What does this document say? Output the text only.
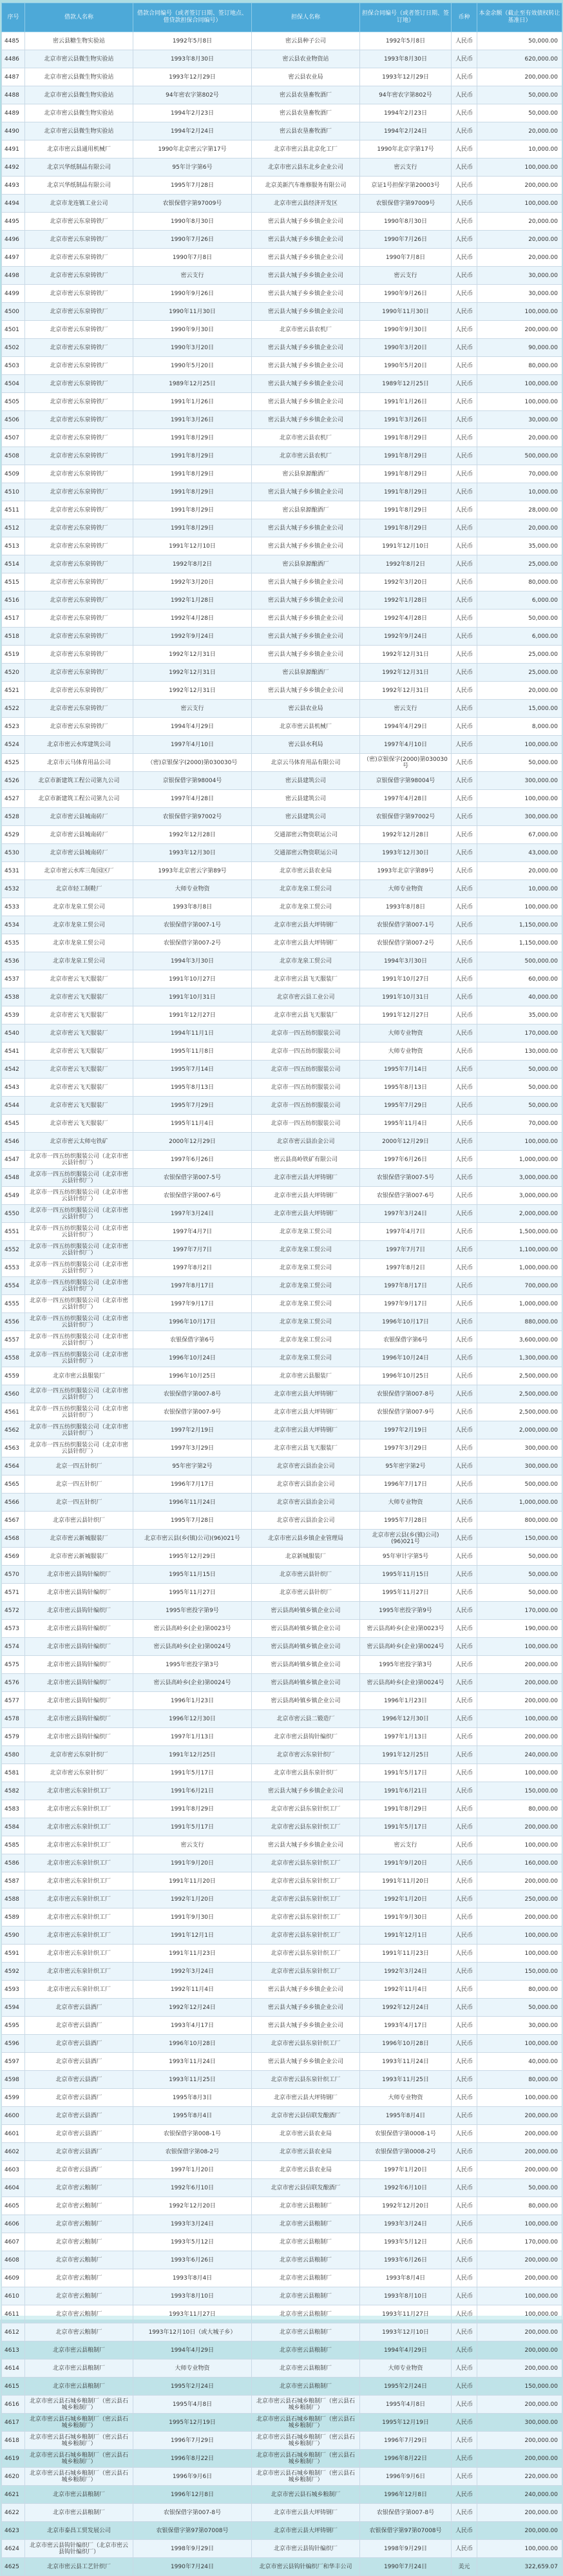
序号	借款人名称	借款合同编号（或者签订日期、签订地点、借贷款担保合同编号）	担保人名称	担保合同编号（或者签订日期、签订地）	币种	本金余额（截止至有效债权转让基准日）
4485	密云县糖生物实验站	1992年5月8日	密云县种子公司	1992年5月8日	人民币	50,000.00
4486	北京市密云县微生物实验站	1993年8月30日	密云县农业物资站	1993年8月30日	人民币	620,000.00
4487	北京市密云县微生物实验站	1993年12月29日	密云县农业局	1993年12月29日	人民币	200,000.00
4488	北京市密云县微生物实验站	94年密农字第802号	密云县农垦畜牧酒厂	94年密农字第802号	人民币	50,000.00
4489	北京市密云县微生物实验站	1994年2月23日	密云县农垦畜牧酒厂	1994年2月23日	人民币	50,000.00
4490	北京市密云县微生物实验站	1994年2月24日	密云县农垦畜牧酒厂	1994年2月24日	人民币	20,000.00
4491	北京市密云县通用机械厂	1990年北京密云字第17号	北京市密云县北京化工厂	1990年北京字第17号	人民币	10,000.00
4492	北京兴华纸制品有限公司	95年计字第6号	北京市密云县东北乡企业公司	密云支行	人民币	100,000.00
4493	北京兴华纸制品有限公司	1995年7月28日	北京美新汽车维修服务有限公司	京证1号担保字第20003号	人民币	200,000.00
4494	北京市龙连镇工业公司	农银保借字第97009号	北京市密云县经济开发区	农银保借字第97009号	人民币	100,000.00
4495	北京市密云东泉铸铁厂	1990年8月30日	密云县大城子乡乡镇企业公司	1990年8月30日	人民币	20,000.00
4496	北京市密云东泉铸铁厂	1990年7月26日	密云县大城子乡乡镇企业公司	1990年7月26日	人民币	20,000.00
4497	北京市密云东泉铸铁厂	1990年7月8日	密云县大城子乡乡镇企业公司	1990年7月8日	人民币	20,000.00
4498	北京市密云东泉铸铁厂	密云支行	密云县大城子乡乡镇企业公司	密云支行	人民币	30,000.00
4499	北京市密云东泉铸铁厂	1990年9月26日	密云县大城子乡乡镇企业公司	1990年9月26日	人民币	30,000.00
4500	北京市密云东泉铸铁厂	1990年11月30日	密云县大城子乡乡镇企业公司	1990年11月30日	人民币	100,000.00
4501	北京市密云东泉铸铁厂	1990年9月30日	北京市密云县农机厂	1990年9月30日	人民币	200,000.00
4502	北京市密云东泉铸铁厂	1990年3月20日	密云县大城子乡乡镇企业公司	1990年3月20日	人民币	90,000.00
4503	北京市密云东泉铸铁厂	1990年5月20日	密云县大城子乡乡镇企业公司	1990年5月20日	人民币	80,000.00
4504	北京市密云东泉铸铁厂	1989年12月25日	密云县大城子乡乡镇企业公司	1989年12月25日	人民币	100,000.00
4505	北京市密云东泉铸铁厂	1991年1月26日	密云县大城子乡乡镇企业公司	1991年1月26日	人民币	100,000.00
4506	北京市密云东泉铸铁厂	1991年3月26日	密云县大城子乡乡镇企业公司	1991年3月26日	人民币	30,000.00
4507	北京市密云东泉铸铁厂	1991年8月29日	北京市密云县农机厂	1991年8月29日	人民币	20,000.00
4508	北京市密云东泉铸铁厂	1991年8月29日	北京市密云县农机厂	1991年8月29日	人民币	500,000.00
4509	北京市密云东泉铸铁厂	1991年8月29日	密云县泉源酿酒厂	1991年8月29日	人民币	70,000.00
4510	北京市密云东泉铸铁厂	1991年8月29日	密云县大城子乡乡镇企业公司	1991年8月29日	人民币	10,000.00
4511	北京市密云东泉铸铁厂	1991年8月29日	密云县泉源酿酒厂	1991年8月29日	人民币	28,000.00
4512	北京市密云东泉铸铁厂	1991年8月29日	密云县大城子乡乡镇企业公司	1991年8月29日	人民币	20,000.00
4513	北京市密云东泉铸铁厂	1991年12月10日	密云县大城子乡乡镇企业公司	1991年12月10日	人民币	35,000.00
4514	北京市密云东泉铸铁厂	1992年8月2日	密云县泉源酿酒厂	1992年8月2日	人民币	25,000.00
4515	北京市密云东泉铸铁厂	1992年3月20日	密云县大城子乡乡镇企业公司	1992年3月20日	人民币	80,000.00
4516	北京市密云东泉铸铁厂	1992年1月28日	密云县大城子乡乡镇企业公司	1992年1月28日	人民币	6,000.00
4517	北京市密云东泉铸铁厂	1992年4月28日	密云县大城子乡乡镇企业公司	1992年4月28日	人民币	50,000.00
4518	北京市密云东泉铸铁厂	1992年9月24日	密云县大城子乡乡镇企业公司	1992年9月24日	人民币	6,000.00
4519	北京市密云东泉铸铁厂	1992年12月31日	密云县大城子乡乡镇企业公司	1992年12月31日	人民币	25,000.00
4520	北京市密云东泉铸铁厂	1992年12月31日	密云县泉源酿酒厂	1992年12月31日	人民币	25,000.00
4521	北京市密云东泉铸铁厂	1992年12月31日	密云县大城子乡乡镇企业公司	1992年12月31日	人民币	20,000.00
4522	北京市密云东泉铸铁厂	密云支行	密云县农业局	密云支行	人民币	15,000.00
4523	北京市密云东泉铸铁厂	1994年4月29日	北京市密云县机械厂	1994年4月29日	人民币	8,000.00
4524	北京市密云水库建筑公司	1997年4月10日	密云县水利局	1997年4月10日	人民币	100,000.00
4525	北京市云马体育用品公司	（密)京银保字(2000)第030030号	北京云马体育用品有限公司	（密)京银保字(2000)第030030号	人民币	50,000.00
4526	北京市新建筑工程公司第九公司	京银保借字第98004号	密云县建筑公司	京银保借字第98004号	人民币	300,000.00
4527	北京市新建筑工程公司第九公司	1997年4月28日	密云县建筑公司	1997年4月28日	人民币	100,000.00
4528	北京市密云县城南砖厂	农银保借字第97002号	密云县建筑公司	农银保借字第97002号	人民币	300,000.00
4529	北京市密云县城南砖厂	1992年12月28日	交通部密云物资联运公司	1992年12月28日	人民币	67,000.00
4530	北京市密云县城南砖厂	1993年12月30日	交通部密云物资联运公司	1993年12月30日	人民币	43,000.00
4531	北京市密云水库三角园区厂	1993年北京密云字第89号	北京市密云县农业局	1993年北京字第89号	人民币	20,000.00
4532	北京市轻工制鞋厂	大师专业物资	北京市龙泉工贸公司	大师专业物资	人民币	10,000.00
4533	北京市龙泉工贸公司	1993年8月8日	北京市龙泉工贸公司	1993年8月8日	人民币	100,000.00
4534	北京市龙泉工贸公司	农银保借字第007-1号	北京市密云县大坪铸钢厂	农银保借字第007-1号	人民币	1,150,000.00
4535	北京市龙泉工贸公司	农银保借字第007-2号	北京市密云县大坪铸钢厂	农银保借字第007-2号	人民币	1,150,000.00
4536	北京市龙泉工贸公司	1994年3月30日	北京市龙泉工贸公司	1994年3月30日	人民币	500,000.00
4537	北京市密云飞天服装厂	1991年10月27日	北京市密云县飞天服装厂	1991年10月27日	人民币	60,000.00
4538	北京市密云飞天服装厂	1991年10月31日	北京市密云县工业公司	1991年10月31日	人民币	40,000.00
4539	北京市密云飞天服装厂	1991年12月27日	北京市密云县飞天服装厂	1991年12月27日	人民币	35,000.00
4540	北京市密云飞天服装厂	1994年11月1日	北京市一四五纺织服装公司	大师专业物资	人民币	170,000.00
4541	北京市密云飞天服装厂	1995年11月8日	北京市一四五纺织服装公司	大师专业物资	人民币	130,000.00
4542	北京市密云飞天服装厂	1995年7月14日	北京市一四五纺织服装公司	1995年7月14日	人民币	50,000.00
4543	北京市密云飞天服装厂	1995年8月13日	北京市一四五纺织服装公司	1995年8月13日	人民币	50,000.00
4544	北京市密云飞天服装厂	1995年7月29日	北京市一四五纺织服装公司	1995年7月29日	人民币	50,000.00
4545	北京市密云飞天服装厂	1995年11月4日	北京市一四五纺织服装公司	1995年11月4日	人民币	70,000.00
4546	北京市密云太师屯铁矿	2000年12月29日	北京市密云县治金公司	2000年12月29日	人民币	100,000.00
4547	北京市一四五纺织服装公司（北京市密云县针织厂）	1997年6月26日	密云县高岭铁矿有限公司	1997年6月26日	人民币	1,000,000.00
4548	北京市一四五纺织服装公司（北京市密云县针织厂）	农银保借字第007-5号	北京市密云县大坪铸钢厂	农银保借字第007-5号	人民币	3,000,000.00
4549	北京市一四五纺织服装公司（北京市密云县针织厂）	农银保借字第007-6号	北京市密云县大坪铸钢厂	农银保借字第007-6号	人民币	3,000,000.00
4550	北京市一四五纺织服装公司（北京市密云县针织厂）	1997年3月24日	北京市密云县大坪铸钢厂	1997年3月24日	人民币	2,000,000.00
4551	北京市一四五纺织服装公司（北京市密云县针织厂）	1997年4月7日	北京市龙泉工贸公司	1997年4月7日	人民币	1,500,000.00
4552	北京市一四五纺织服装公司（北京市密云县针织厂）	1997年7月7日	北京市龙泉工贸公司	1997年7月7日	人民币	1,100,000.00
4553	北京市一四五纺织服装公司（北京市密云县针织厂）	1997年8月2日	北京市龙泉工贸公司	1997年8月2日	人民币	1,000,000.00
4554	北京市一四五纺织服装公司（北京市密云县针织厂）	1997年8月17日	北京市龙泉工贸公司	1997年8月17日	人民币	700,000.00
4555	北京市一四五纺织服装公司（北京市密云县针织厂）	1997年9月17日	北京市龙泉工贸公司	1997年9月17日	人民币	1,000,000.00
4556	北京市一四五纺织服装公司（北京市密云县针织厂）	1996年10月17日	北京市龙泉工贸公司	1996年10月17日	人民币	880,000.00
4557	北京市一四五纺织服装公司（北京市密云县针织厂）	农银保借字第6号	北京市龙泉工贸公司	农银保借字第6号	人民币	3,600,000.00
4558	北京市一四五纺织服装公司（北京市密云县针织厂）	1996年10月24日	北京市龙泉工贸公司	1996年10月24日	人民币	1,300,000.00
4559	北京市密云县服装厂	1996年10月25日	北京市密云县服装厂	1996年10月25日	人民币	2,500,000.00
4560	北京市一四五纺织服装公司（北京市密云县针织厂）	农银保借字第007-8号	北京市密云县大坪铸钢厂	农银保借字第007-8号	人民币	2,500,000.00
4561	北京市一四五纺织服装公司（北京市密云县针织厂）	农银保借字第007-9号	北京市密云县大坪铸钢厂	农银保借字第007-9号	人民币	2,500,000.00
4562	北京市一四五纺织服装公司（北京市密云县针织厂）	1997年2月19日	北京市密云县大坪铸钢厂	1997年2月19日	人民币	2,000,000.00
4563	北京市一四五纺织服装公司（北京市密云县针织厂）	1997年3月29日	北京市密云县飞天服装厂	1997年3月29日	人民币	300,000.00
4564	北京一四五针织厂	95年密字第2号	北京市密云县治金公司	95年密字第2号	人民币	300,000.00
4565	北京一四五针织厂	1996年7月17日	北京市密云县治金公司	1996年7月17日	人民币	500,000.00
4566	北京一四五针织厂	1996年11月24日	北京市密云县治金公司	大师专业物资	人民币	1,000,000.00
4567	北京市密云县针织厂	1995年7月28日	北京市密云县治金公司	1995年7月28日	人民币	800,000.00
4568	北京市密云新城服装厂	北京市密云县(乡(镇)公司)(96)021号	北京市密云县乡镇企业管理局	北京市密云县(乡(镇)公司)(96)021号	人民币	150,000.00
4569	北京市密云新城服装厂	1995年12月29日	北京新城服装厂	95年审计字第5号	人民币	50,000.00
4570	北京市密云县钩针编织厂	1995年11月15日	北京市密云县针织厂	1995年11月15日	人民币	50,000.00
4571	北京市密云县钩针编织厂	1995年11月27日	北京市密云县针织厂	1995年11月27日	人民币	50,000.00
4572	北京市密云县钩针编织厂	1995年密投字第9号	密云县高岭镇乡镇企业公司	1995年密投字第9号	人民币	170,000.00
4573	北京市密云县钩针编织厂	密云县高岭乡(企业)第0023号	密云县高岭镇乡镇企业公司	密云县高岭乡(企业)第0023号	人民币	190,000.00
4574	北京市密云县钩针编织厂	密云县高岭乡(企业)第0024号	密云县高岭镇乡镇企业公司	密云县高岭乡(企业)第0024号	人民币	100,000.00
4575	北京市密云县钩针编织厂	1995年密投字第3号	密云县高岭镇乡镇企业公司	1995年密投字第3号	人民币	200,000.00
4576	北京市密云县钩针编织厂	密云县高岭乡(企业)第0024号	密云县高岭镇乡镇企业公司	密云县高岭乡(企业)第0024号	人民币	200,000.00
4577	北京市密云县钩针编织厂	1996年1月23日	密云县高岭镇乡镇企业公司	1996年1月23日	人民币	200,000.00
4578	北京市密云县钩针编织厂	1996年12月30日	北京市密云县二锻造厂	1996年12月30日	人民币	100,000.00
4579	北京市密云县钩针编织厂	1997年1月13日	北京市密云县钩针编织厂	1997年1月13日	人民币	200,000.00
4580	北京市密云东泉针织厂	1991年12月25日	北京市密云东泉针织厂	1991年12月25日	人民币	240,000.00
4581	北京市密云东泉针织厂	1991年5月17日	北京市密云县东泉针织厂	1991年5月17日	人民币	100,000.00
4582	北京市密云东泉针织工厂	1991年6月21日	密云县大城子乡乡镇企业公司	1991年6月21日	人民币	150,000.00
4583	北京市密云东泉针织工厂	1991年8月29日	北京市密云县东泉针织工厂	1991年8月29日	人民币	80,000.00
4584	北京市密云东泉针织工厂	1991年5月17日	北京市密云县东泉针织工厂	1991年5月17日	人民币	200,000.00
4585	北京市密云东泉针织工厂	密云支行	密云县大城子乡乡镇企业公司	密云支行	人民币	100,000.00
4586	北京市密云东泉针织工厂	1991年9月20日	北京市密云县东泉针织工厂	1991年9月20日	人民币	160,000.00
4587	北京市密云东泉针织工厂	1991年11月20日	北京市密云县东泉针织工厂	1991年11月20日	人民币	200,000.00
4588	北京市密云东泉针织工厂	1992年1月20日	北京市密云县东泉针织工厂	1992年1月20日	人民币	250,000.00
4589	北京市密云东泉针织工厂	1991年9月30日	北京市密云县东泉针织工厂	1991年9月30日	人民币	200,000.00
4590	北京市密云东泉针织工厂	1991年12月1日	北京市密云县东泉针织工厂	1991年12月1日	人民币	100,000.00
4591	北京市密云东泉针织工厂	1991年11月23日	北京市密云县东泉针织工厂	1991年11月23日	人民币	100,000.00
4592	北京市密云东泉针织工厂	1992年3月24日	北京市密云县东泉针织工厂	1992年3月24日	人民币	150,000.00
4593	北京市密云东泉针织工厂	1992年11月4日	密云县大城子乡乡镇企业公司	1992年11月4日	人民币	80,000.00
4594	北京市密云县酒厂	1992年12月24日	密云县大城子乡乡镇企业公司	1992年12月24日	人民币	50,000.00
4595	北京市密云县酒厂	1993年4月17日	密云县大城子乡乡镇企业公司	1993年4月17日	人民币	30,000.00
4596	北京市密云县酒厂	1996年10月28日	北京市密云县东泉针织工厂	1996年10月28日	人民币	100,000.00
4597	北京市密云县酒厂	1993年11月24日	密云县大城子乡乡镇企业公司	1993年11月24日	人民币	40,000.00
4598	北京市密云县酒厂	1993年11月25日	北京市密云县东泉针织工厂	1993年11月25日	人民币	80,000.00
4599	北京市密云县酒厂	1995年8月3日	北京市密云县大坪铸钢厂	大师专业物资	人民币	100,000.00
4600	北京市密云县酒厂	1995年8月4日	北京市密云县信联发酿酒厂	1995年8月4日	人民币	200,000.00
4601	北京市密云县酒厂	农银保借字第008-1号	北京市密云县农业局	农银保借字第0008-1号	人民币	200,000.00
4602	北京市密云县酒厂	农银保借字第08-2号	北京市密云县农业局	农银保借字第0008-2号	人民币	200,000.00
4603	北京市密云县酒厂	1997年1月20日	北京市密云县农业局	1997年1月20日	人民币	200,000.00
4604	北京市密云粮制厂	1992年6月10日	北京市密云县信联发酿酒厂	1992年6月10日	人民币	50,000.00
4605	北京市密云粮制厂	1992年12月20日	北京市密云县粮制厂	1992年12月20日	人民币	80,000.00
4606	北京市密云粮制厂	1993年3月24日	北京市密云县粮制厂	1993年3月24日	人民币	100,000.00
4607	北京市密云粮制厂	1993年5月12日	北京市密云县粮制厂	1993年5月12日	人民币	170,000.00
4608	北京市密云粮制厂	1993年6月26日	北京市密云县粮制厂	1993年6月26日	人民币	200,000.00
4609	北京市密云粮制厂	1993年8月4日	北京市密云县粮制厂	1993年8月4日	人民币	200,000.00
4610	北京市密云粮制厂	1993年8月10日	北京市密云县粮制厂	1993年8月10日	人民币	100,000.00
4611	北京市密云粮制厂	1993年11月27日	北京市密云县粮制厂	1993年11月27日	人民币	100,000.00
4612	北京市密云粮制厂	1993年12月10日（或大城子乡）	北京市密云县粮制厂	1993年12月10日	人民币	200,000.00
4613	北京市密云县粮制厂	1994年4月29日	北京市密云县粮制厂	1994年4月29日	人民币	200,000.00
4614	北京市密云县粮制厂	大师专业物资	北京市密云县粮制厂	大师专业物资	人民币	200,000.00
4615	北京市密云县粮制厂	1995年2月24日	北京市密云县粮制厂	1995年2月24日	人民币	150,000.00
4616	北京市密云县石城乡粮制厂（密云县石城乡粮制厂）	1995年4月8日	北京市密云县石城乡粮制厂（密云县石城乡粮制厂）	1995年4月8日	人民币	200,000.00
4617	北京市密云县石城乡粮制厂（密云县石城乡粮制厂）	1995年12月19日	北京市密云县石城乡粮制厂（密云县石城乡粮制厂）	1995年12月19日	人民币	300,000.00
4618	北京市密云县石城乡粮制厂（密云县石城乡粮制厂）	1996年7月29日	北京市密云县石城乡粮制厂（密云县石城乡粮制厂）	1996年7月29日	人民币	200,000.00
4619	北京市密云县石城乡粮制厂（密云县石城乡粮制厂）	1996年8月22日	北京市密云县石城乡粮制厂（密云县石城乡粮制厂）	1996年8月22日	人民币	200,000.00
4620	北京市密云县石城乡粮制厂（密云县石城乡粮制厂）	1996年9月6日	北京市密云县石城乡粮制厂（密云县石城乡粮制厂）	1996年9月6日	人民币	220,000.00
4621	北京市密云县粮制厂	1996年12月8日	北京市密云县石城乡粮制厂	1996年12月8日	人民币	240,000.00
4622	北京市密云县粮制厂	农银保借字第007-8号	北京市密云县大坪铸钢厂	农银保借字第007-8号	人民币	200,000.00
4623	北京市泰昌工贸发展公司	农银保借字第97第07008号	北京市密云县大坪铸钢厂	农银保借字第97第07008号	人民币	200,000.00
4624	北京市密云县钩针编织厂（北京市密云县钩针编织厂）	1998年9月29日	北京市密云县钩针编织厂	1998年9月29日	人民币	100,000.00
4625	北京市密云县工艺针织厂	1990年7月24日	北京市密云县钩针编织厂和华丰公司	1990年7月24日	美元	322,659.07
